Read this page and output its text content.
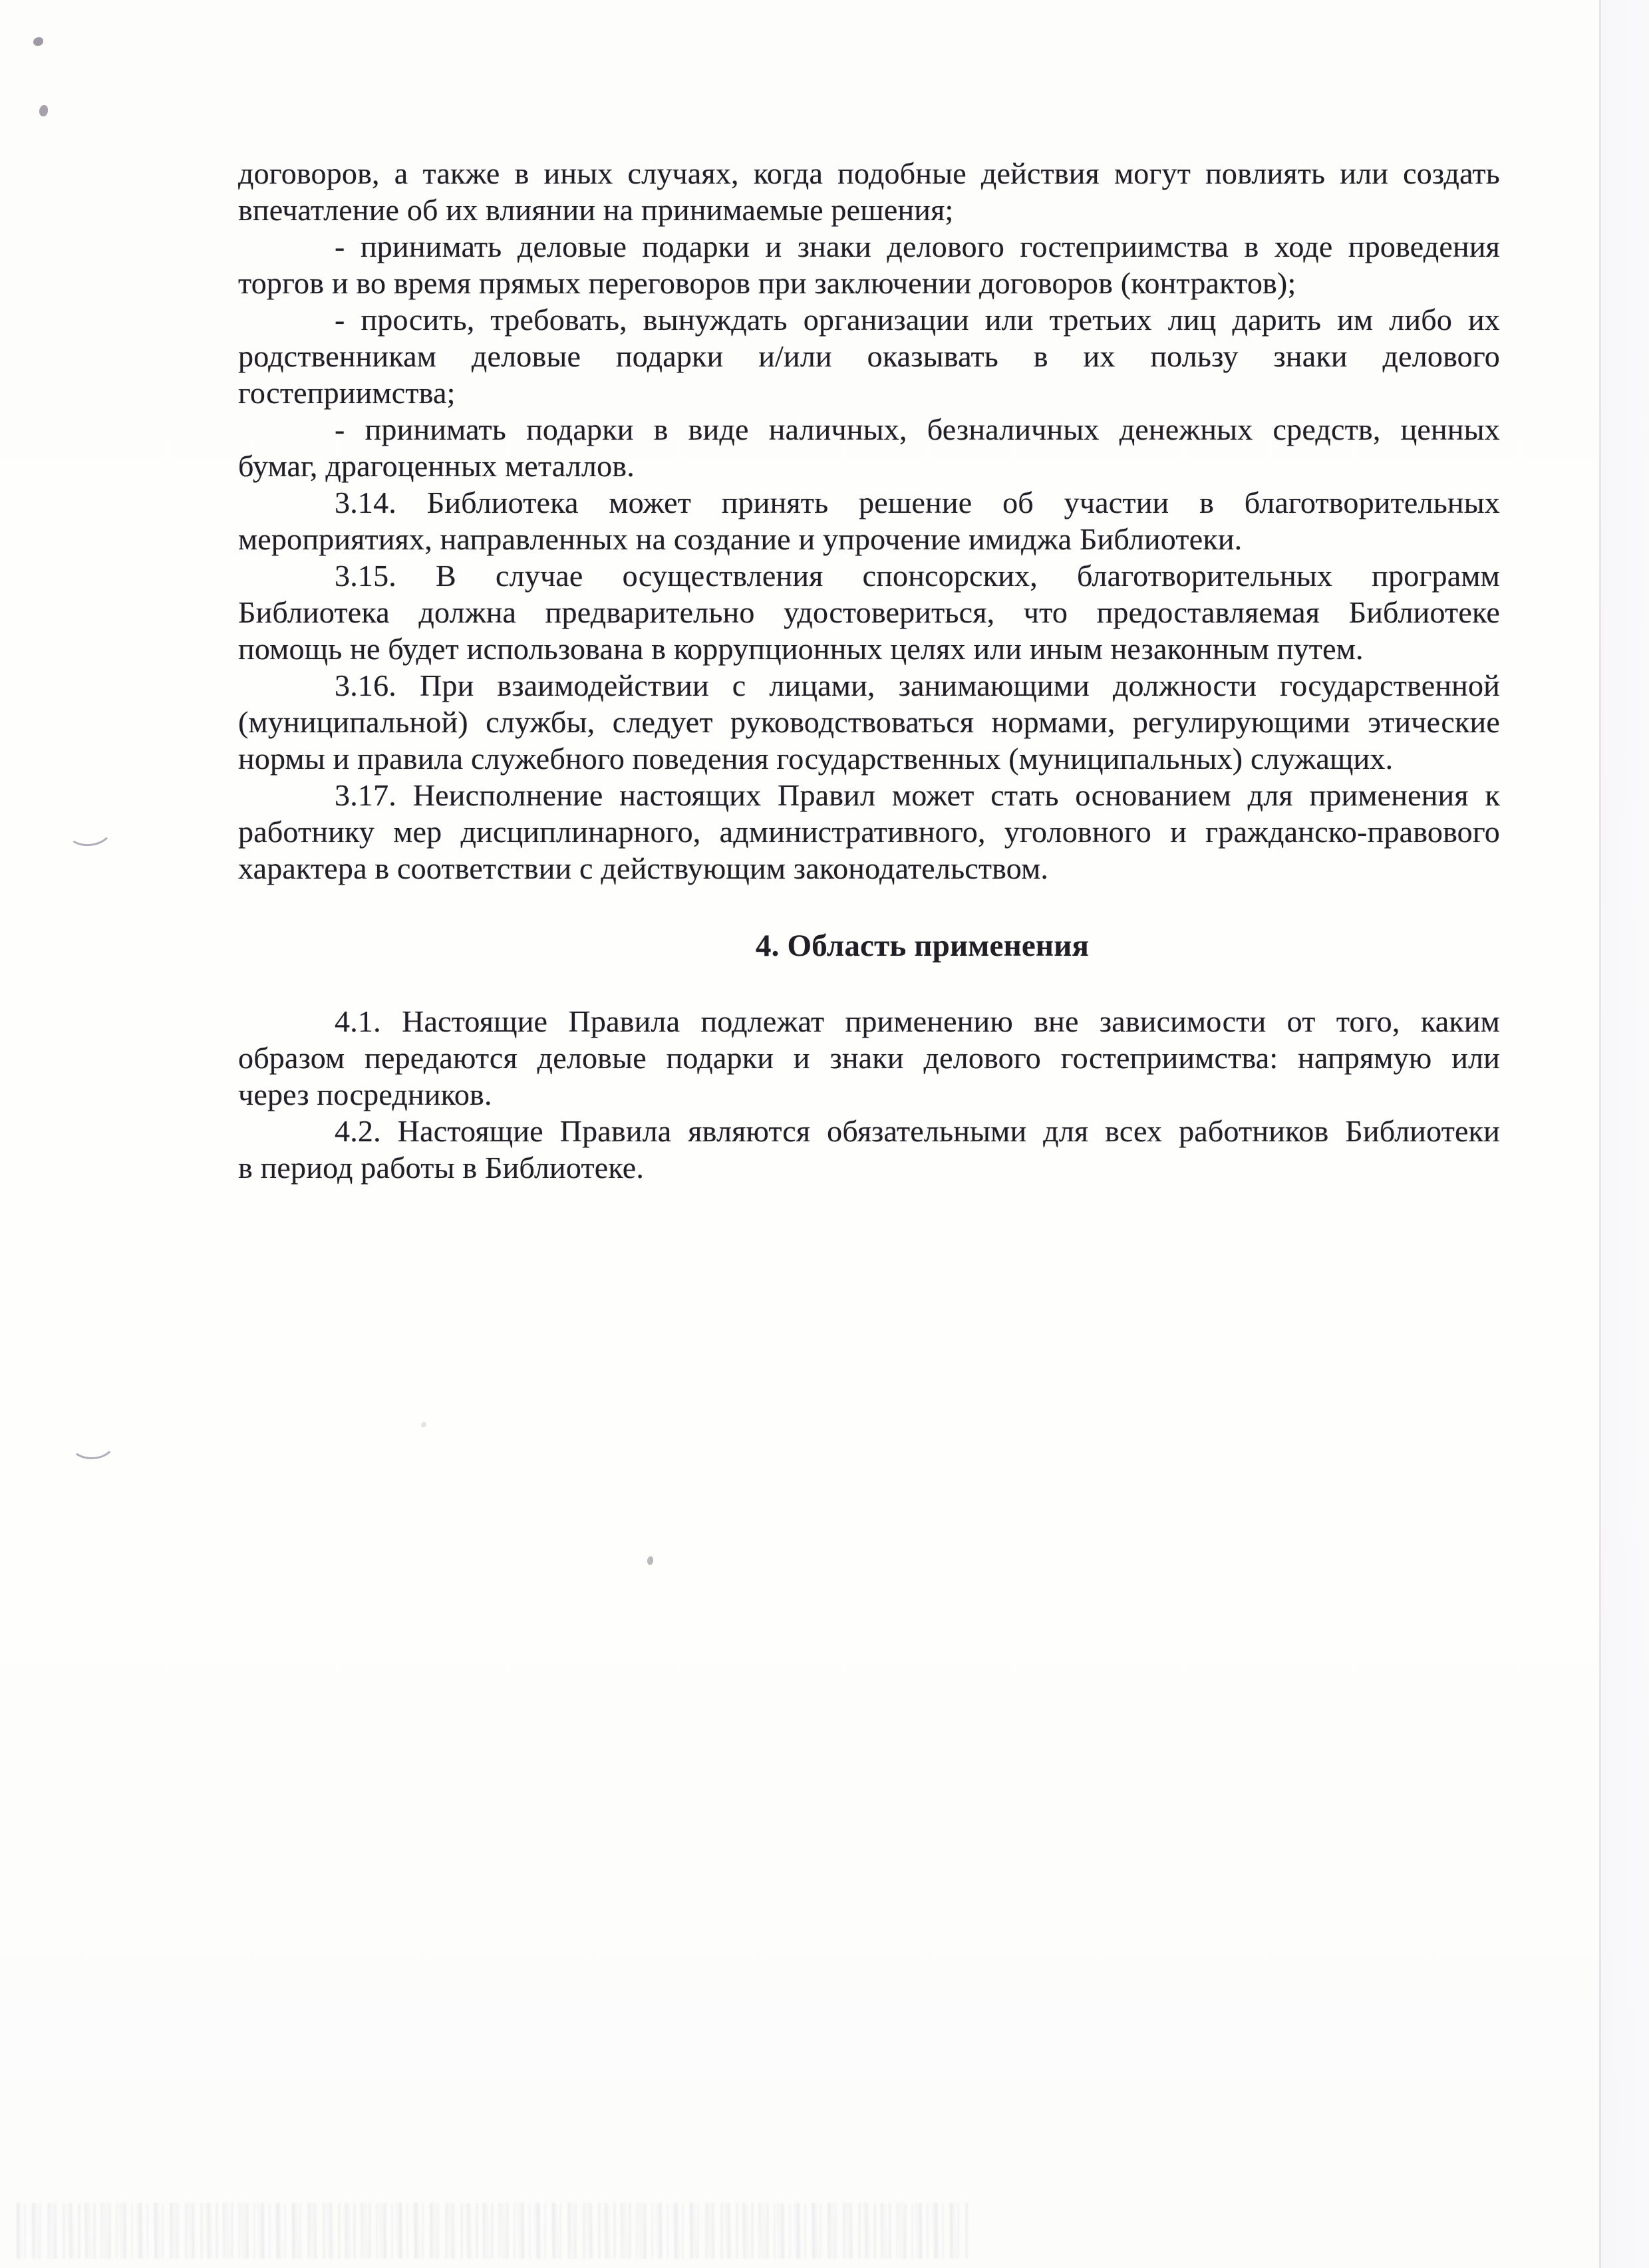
договоров, а также в иных случаях, когда подобные действия могут повлиять или создать
впечатление об их влиянии на принимаемые решения;
- принимать деловые подарки и знаки делового гостеприимства в ходе проведения
торгов и во время прямых переговоров при заключении договоров (контрактов);
- просить, требовать, вынуждать организации или третьих лиц дарить им либо их
родственникам деловые подарки и/или оказывать в их пользу знаки делового
гостеприимства;
- принимать подарки в виде наличных, безналичных денежных средств, ценных
бумаг, драгоценных металлов.
3.14. Библиотека может принять решение об участии в благотворительных
мероприятиях, направленных на создание и упрочение имиджа Библиотеки.
3.15. В случае осуществления спонсорских, благотворительных программ
Библиотека должна предварительно удостовериться, что предоставляемая Библиотеке
помощь не будет использована в коррупционных целях или иным незаконным путем.
3.16. При взаимодействии с лицами, занимающими должности государственной
(муниципальной) службы, следует руководствоваться нормами, регулирующими этические
нормы и правила служебного поведения государственных (муниципальных) служащих.
3.17. Неисполнение настоящих Правил может стать основанием для применения к
работнику мер дисциплинарного, административного, уголовного и гражданско-правового
характера в соответствии с действующим законодательством.
4. Область применения
4.1. Настоящие Правила подлежат применению вне зависимости от того, каким
образом передаются деловые подарки и знаки делового гостеприимства: напрямую или
через посредников.
4.2. Настоящие Правила являются обязательными для всех работников Библиотеки
в период работы в Библиотеке.
